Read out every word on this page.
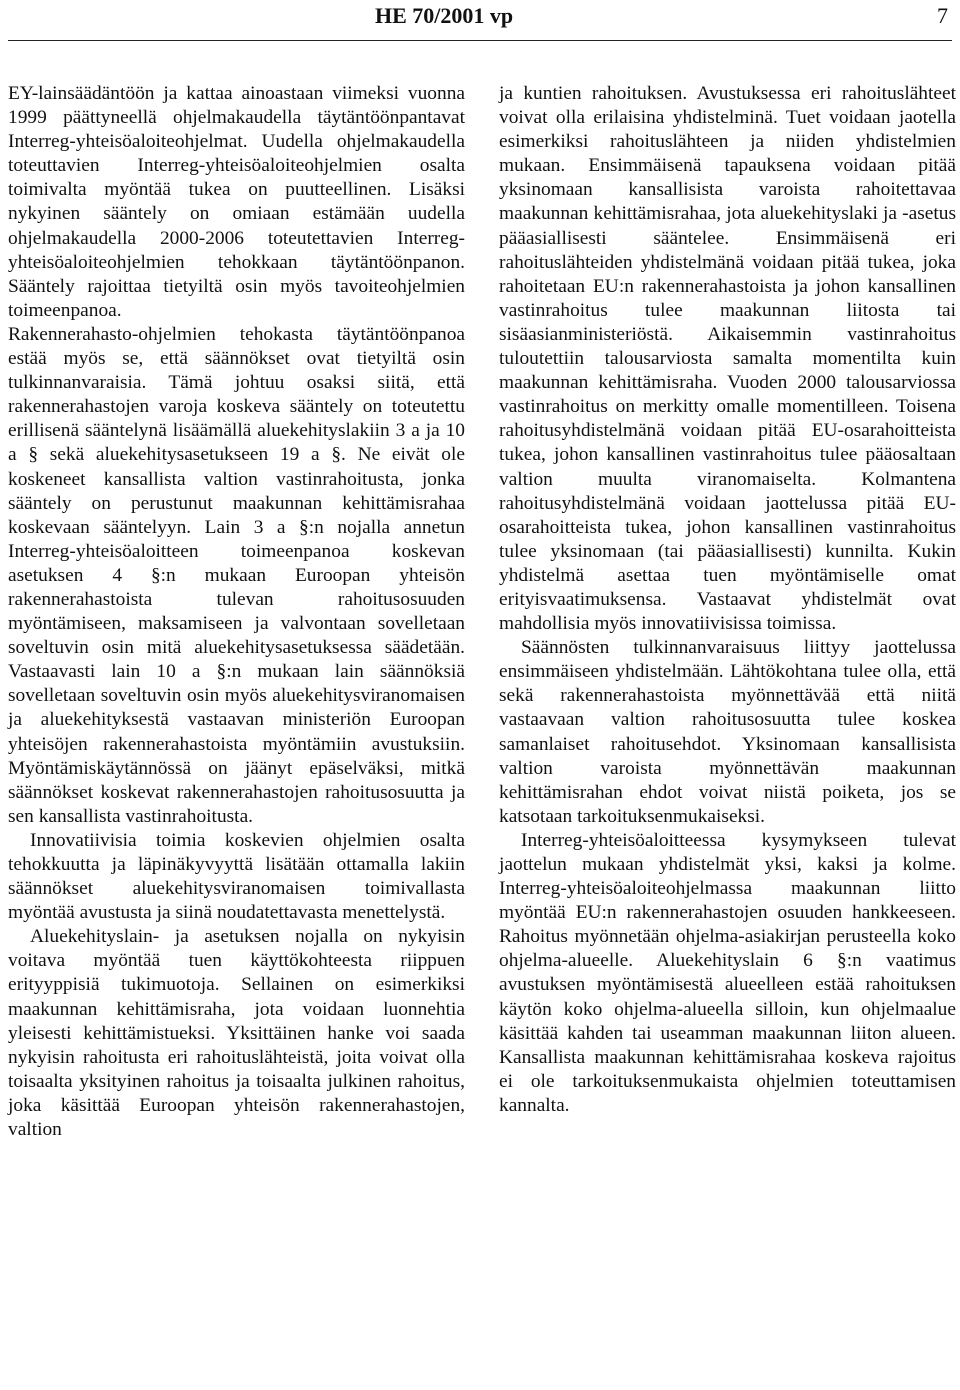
HE 70/2001 vp	7

EY-lainsäädäntöön ja kattaa ainoastaan viimeksi vuonna 1999 päättyneellä ohjelmakaudella täytäntöönpantavat Interreg-yhteisöaloiteohjelmat. Uudella ohjelmakaudella toteuttavien Interreg-yhteisöaloiteohjelmien osalta toimivalta myöntää tukea on puutteellinen. Lisäksi nykyinen sääntely on omiaan estämään uudella ohjelmakaudella 2000-2006 toteutettavien Interreg-yhteisöaloiteohjelmien tehokkaan täytäntöönpanon. Sääntely rajoittaa tietyiltä osin myös tavoiteohjelmien toimeenpanoa.

Rakennerahasto-ohjelmien tehokasta täytäntöönpanoa estää myös se, että säännökset ovat tietyiltä osin tulkinnanvaraisia. Tämä johtuu osaksi siitä, että rakennerahastojen varoja koskeva sääntely on toteutettu erillisenä sääntelynä lisäämällä aluekehityslakiin 3 a ja 10 a § sekä aluekehitysasetukseen 19 a §. Ne eivät ole koskeneet kansallista valtion vastinrahoitusta, jonka sääntely on perustunut maakunnan kehittämisrahaa koskevaan sääntelyyn. Lain 3 a §:n nojalla annetun Interreg-yhteisöaloitteen toimeenpanoa koskevan asetuksen 4 §:n mukaan Euroopan yhteisön rakennerahastoista tulevan rahoitusosuuden myöntämiseen, maksamiseen ja valvontaan sovelletaan soveltuvin osin mitä aluekehitysasetuksessa säädetään. Vastaavasti lain 10 a §:n mukaan lain säännöksiä sovelletaan soveltuvin osin myös aluekehitysviranomaisen ja aluekehityksestä vastaavan ministeriön Euroopan yhteisöjen rakennerahastoista myöntämiin avustuksiin. Myöntämiskäytännössä on jäänyt epäselväksi, mitkä säännökset koskevat rakennerahastojen rahoitusosuutta ja sen kansallista vastinrahoitusta.

Innovatiivisia toimia koskevien ohjelmien osalta tehokkuutta ja läpinäkyvyyttä lisätään ottamalla lakiin säännökset aluekehitysviranomaisen toimivallasta myöntää avustusta ja siinä noudatettavasta menettelystä.

Aluekehityslain- ja asetuksen nojalla on nykyisin voitava myöntää tuen käyttökohteesta riippuen erityyppisiä tukimuotoja. Sellainen on esimerkiksi maakunnan kehittämisraha, jota voidaan luonnehtia yleisesti kehittämistueksi. Yksittäinen hanke voi saada nykyisin rahoitusta eri rahoituslähteistä, joita voivat olla toisaalta yksityinen rahoitus ja toisaalta julkinen rahoitus, joka käsittää Euroopan yhteisön rakennerahastojen, valtion

ja kuntien rahoituksen. Avustuksessa eri rahoituslähteet voivat olla erilaisina yhdistelminä. Tuet voidaan jaotella esimerkiksi rahoituslähteen ja niiden yhdistelmien mukaan. Ensimmäisenä tapauksena voidaan pitää yksinomaan kansallisista varoista rahoitettavaa maakunnan kehittämisrahaa, jota aluekehityslaki ja -asetus pääasiallisesti sääntelee. Ensimmäisenä eri rahoituslähteiden yhdistelmänä voidaan pitää tukea, joka rahoitetaan EU:n rakennerahastoista ja johon kansallinen vastinrahoitus tulee maakunnan liitosta tai sisäasianministeriöstä. Aikaisemmin vastinrahoitus tuloutettiin talousarviosta samalta momentilta kuin maakunnan kehittämisraha. Vuoden 2000 talousarviossa vastinrahoitus on merkitty omalle momentilleen. Toisena rahoitusyhdistelmänä voidaan pitää EU-osarahoitteista tukea, johon kansallinen vastinrahoitus tulee pääosaltaan valtion muulta viranomaiselta. Kolmantena rahoitusyhdistelmänä voidaan jaottelussa pitää EU-osarahoitteista tukea, johon kansallinen vastinrahoitus tulee yksinomaan (tai pääasiallisesti) kunnilta. Kukin yhdistelmä asettaa tuen myöntämiselle omat erityisvaatimuksensa. Vastaavat yhdistelmät ovat mahdollisia myös innovatiivisissa toimissa.

Säännösten tulkinnanvaraisuus liittyy jaottelussa ensimmäiseen yhdistelmään. Lähtökohtana tulee olla, että sekä rakennerahastoista myönnettävää että niitä vastaavaan valtion rahoitusosuutta tulee koskea samanlaiset rahoitusehdot. Yksinomaan kansallisista valtion varoista myönnettävän maakunnan kehittämisrahan ehdot voivat niistä poiketa, jos se katsotaan tarkoituksenmukaiseksi.

Interreg-yhteisöaloitteessa kysymykseen tulevat jaottelun mukaan yhdistelmät yksi, kaksi ja kolme. Interreg-yhteisöaloiteohjelmassa maakunnan liitto myöntää EU:n rakennerahastojen osuuden hankkeeseen. Rahoitus myönnetään ohjelma-asiakirjan perusteella koko ohjelma-alueelle. Aluekehityslain 6 §:n vaatimus avustuksen myöntämisestä alueelleen estää rahoituksen käytön koko ohjelma-alueella silloin, kun ohjelmaalue käsittää kahden tai useamman maakunnan liiton alueen. Kansallista maakunnan kehittämisrahaa koskeva rajoitus ei ole tarkoituksenmukaista ohjelmien toteuttamisen kannalta.
